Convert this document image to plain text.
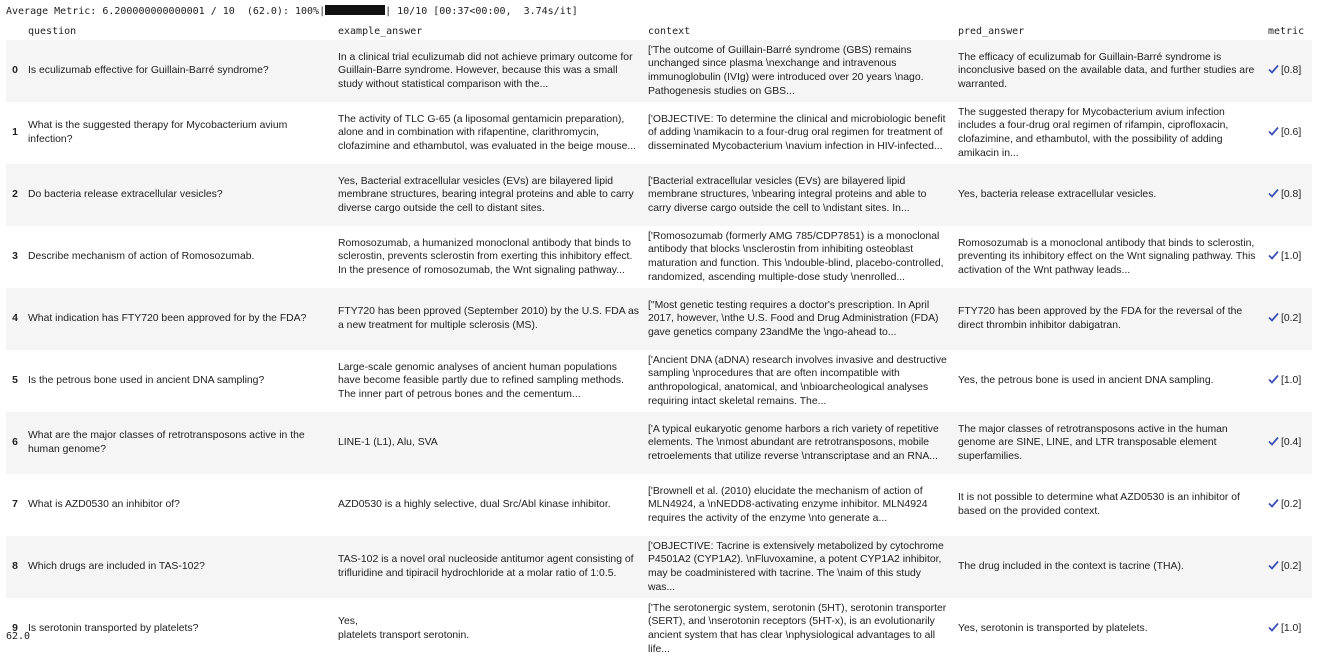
Average Metric: 6.200000000000001 / 10  (62.0): 100%|	| 10/10 [00:37<00:00,  3.74s/it]
	question	example_answer	context	pred_answer	metric
0	Is eculizumab effective for Guillain-Barré syndrome?	In a clinical trial eculizumab did not achieve primary outcome for Guillain-Barre syndrome. However, because this was a small study without statistical comparison with the...	['The outcome of Guillain-Barré syndrome (GBS) remains unchanged since plasma \nexchange and intravenous immunoglobulin (IVIg) were introduced over 20 years \nago. Pathogenesis studies on GBS...	The efficacy of eculizumab for Guillain-Barré syndrome is inconclusive based on the available data, and further studies are warranted.	[0.8]
1	What is the suggested therapy for Mycobacterium avium infection?	The activity of TLC G-65 (a liposomal gentamicin preparation), alone and in combination with rifapentine, clarithromycin, clofazimine and ethambutol, was evaluated in the beige mouse...	['OBJECTIVE: To determine the clinical and microbiologic benefit of adding \namikacin to a four-drug oral regimen for treatment of disseminated Mycobacterium \navium infection in HIV-infected...	The suggested therapy for Mycobacterium avium infection includes a four-drug oral regimen of rifampin, ciprofloxacin, clofazimine, and ethambutol, with the possibility of adding amikacin in...	[0.6]
2	Do bacteria release extracellular vesicles?	Yes, Bacterial extracellular vesicles (EVs) are bilayered lipid membrane structures, bearing integral proteins and able to carry diverse cargo outside the cell to distant sites.	['Bacterial extracellular vesicles (EVs) are bilayered lipid membrane structures, \nbearing integral proteins and able to carry diverse cargo outside the cell to \ndistant sites. In...	Yes, bacteria release extracellular vesicles.	[0.8]
3	Describe mechanism of action of Romosozumab.	Romosozumab, a humanized monoclonal antibody that binds to sclerostin, prevents sclerostin from exerting this inhibitory effect. In the presence of romosozumab, the Wnt signaling pathway...	['Romosozumab (formerly AMG 785/CDP7851) is a monoclonal antibody that blocks \nsclerostin from inhibiting osteoblast maturation and function. This \ndouble-blind, placebo-controlled, randomized, ascending multiple-dose study \nenrolled...	Romosozumab is a monoclonal antibody that binds to sclerostin, preventing its inhibitory effect on the Wnt signaling pathway. This activation of the Wnt pathway leads...	[1.0]
4	What indication has FTY720 been approved for by the FDA?	FTY720 has been pproved (September 2010) by the U.S. FDA as a new treatment for multiple sclerosis (MS).	["Most genetic testing requires a doctor's prescription. In April 2017, however, \nthe U.S. Food and Drug Administration (FDA) gave genetics company 23andMe the \ngo-ahead to...	FTY720 has been approved by the FDA for the reversal of the direct thrombin inhibitor dabigatran.	[0.2]
5	Is the petrous bone used in ancient DNA sampling?	Large-scale genomic analyses of ancient human populations have become feasible partly due to refined sampling methods. The inner part of petrous bones and the cementum...	['Ancient DNA (aDNA) research involves invasive and destructive sampling \nprocedures that are often incompatible with anthropological, anatomical, and \nbioarcheological analyses requiring intact skeletal remains. The...	Yes, the petrous bone is used in ancient DNA sampling.	[1.0]
6	What are the major classes of retrotransposons active in the human genome?	LINE-1 (L1), Alu, SVA	['A typical eukaryotic genome harbors a rich variety of repetitive elements. The \nmost abundant are retrotransposons, mobile retroelements that utilize reverse \ntranscriptase and an RNA...	The major classes of retrotransposons active in the human genome are SINE, LINE, and LTR transposable element superfamilies.	[0.4]
7	What is AZD0530 an inhibitor of?	AZD0530 is a highly selective, dual Src/Abl kinase inhibitor.	['Brownell et al. (2010) elucidate the mechanism of action of MLN4924, a \nNEDD8-activating enzyme inhibitor. MLN4924 requires the activity of the enzyme \nto generate a...	It is not possible to determine what AZD0530 is an inhibitor of based on the provided context.	[0.2]
8	Which drugs are included in TAS-102?	TAS-102 is a novel oral nucleoside antitumor agent consisting of trifluridine and tipiracil hydrochloride at a molar ratio of 1:0.5.	['OBJECTIVE: Tacrine is extensively metabolized by cytochrome P4501A2 (CYP1A2). \nFluvoxamine, a potent CYP1A2 inhibitor, may be coadministered with tacrine. The \naim of this study was...	The drug included in the context is tacrine (THA).	[0.2]
9	Is serotonin transported by platelets?	Yes,
platelets transport serotonin.	['The serotonergic system, serotonin (5HT), serotonin transporter (SERT), and \nserotonin receptors (5HT-x), is an evolutionarily ancient system that has clear \nphysiological advantages to all life...	Yes, serotonin is transported by platelets.	[1.0]
62.0
